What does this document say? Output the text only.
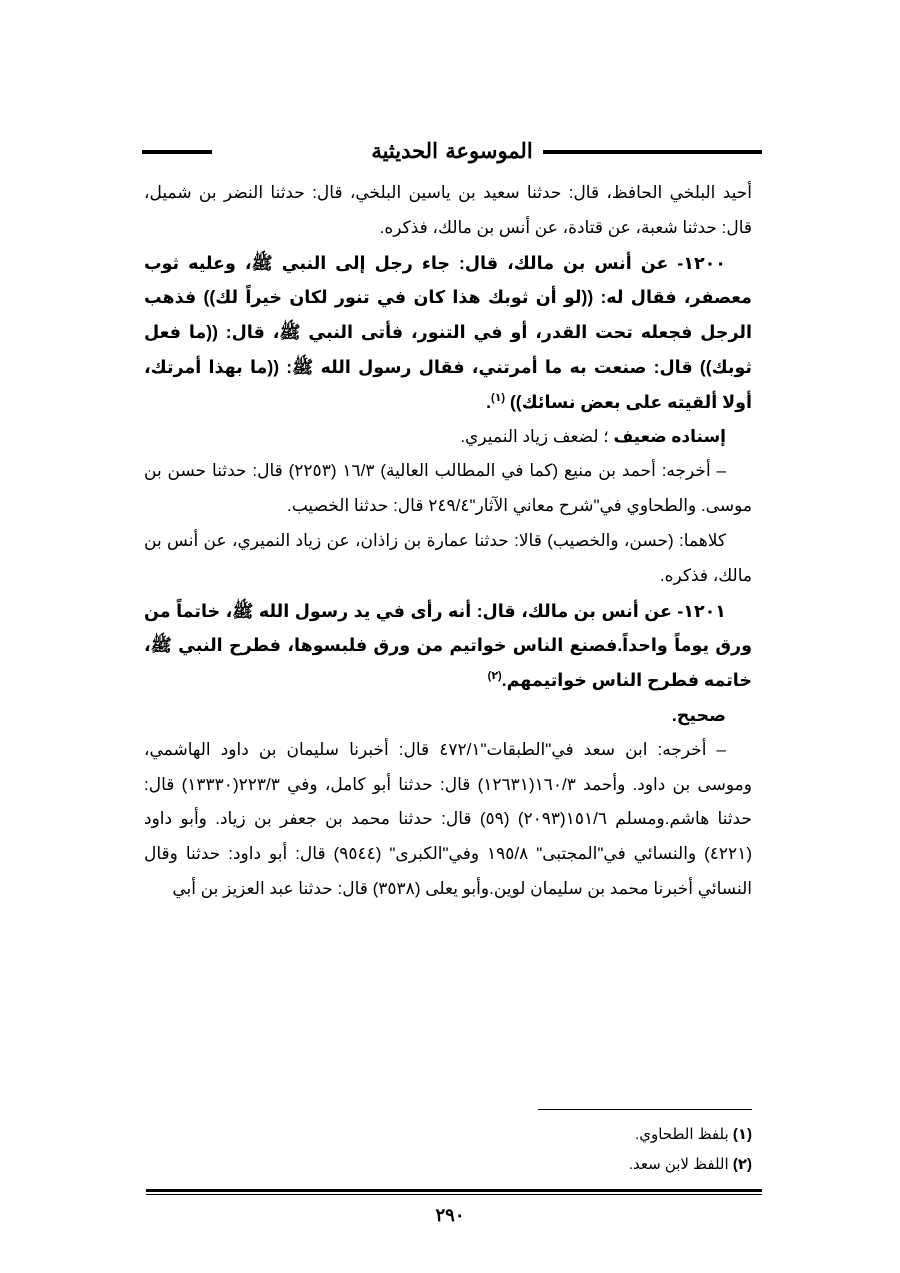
الموسوعة الحديثية

أحيد البلخي الحافظ، قال: حدثنا سعيد بن ياسين البلخي، قال: حدثنا النضر بن شميل، قال: حدثنا شعبة، عن قتادة، عن أنس بن مالك، فذكره.

١٢٠٠- عن أنس بن مالك، قال: جاء رجل إلى النبي ﷺ، وعليه ثوب معصفر، فقال له: ((لو أن ثوبك هذا كان في تنور لكان خيراً لك)) فذهب الرجل فجعله تحت القدر، أو في التنور، فأتى النبي ﷺ، قال: ((ما فعل ثوبك)) قال: صنعت به ما أمرتني، فقال رسول الله ﷺ: ((ما بهذا أمرتك، أولا ألقيته على بعض نسائك)) $^{(١)}$.

إسناده ضعيف ؛ لضعف زياد النميري.

– أخرجه: أحمد بن منيع (كما في المطالب العالية) ١٦/٣ (٢٢٥٣) قال: حدثنا حسن بن موسى. والطحاوي في"شرح معاني الآثار"٢٤٩/٤ قال: حدثنا الخصيب.

كلاهما: (حسن، والخصيب) قالا: حدثنا عمارة بن زاذان، عن زياد النميري، عن أنس بن مالك، فذكره.

١٢٠١- عن أنس بن مالك، قال: أنه رأى في يد رسول الله ﷺ، خاتماً من ورق يوماً واحداً.فصنع الناس خواتيم من ورق فلبسوها، فطرح النبي ﷺ، خاتمه فطرح الناس خواتيمهم.$^{(٢)}$

صحيح.

– أخرجه: ابن سعد في"الطبقات"٤٧٢/١ قال: أخبرنا سليمان بن داود الهاشمي، وموسى بن داود. وأحمد ١٦٠/٣(١٢٦٣١) قال: حدثنا أبو كامل، وفي ٢٢٣/٣(١٣٣٣٠) قال: حدثنا هاشم.ومسلم ١٥١/٦(٢٠٩٣) (٥٩) قال: حدثنا محمد بن جعفر بن زياد. وأبو داود (٤٢٢١) والنسائي في"المجتبى" ١٩٥/٨ وفي"الكبرى" (٩٥٤٤) قال: أبو داود: حدثنا وقال النسائي أخبرنا محمد بن سليمان لوين.وأبو يعلى (٣٥٣٨) قال: حدثنا عبد العزيز بن أبي

(١) بلفظ الطحاوي.

(٢) اللفظ لابن سعد.

٢٩٠
